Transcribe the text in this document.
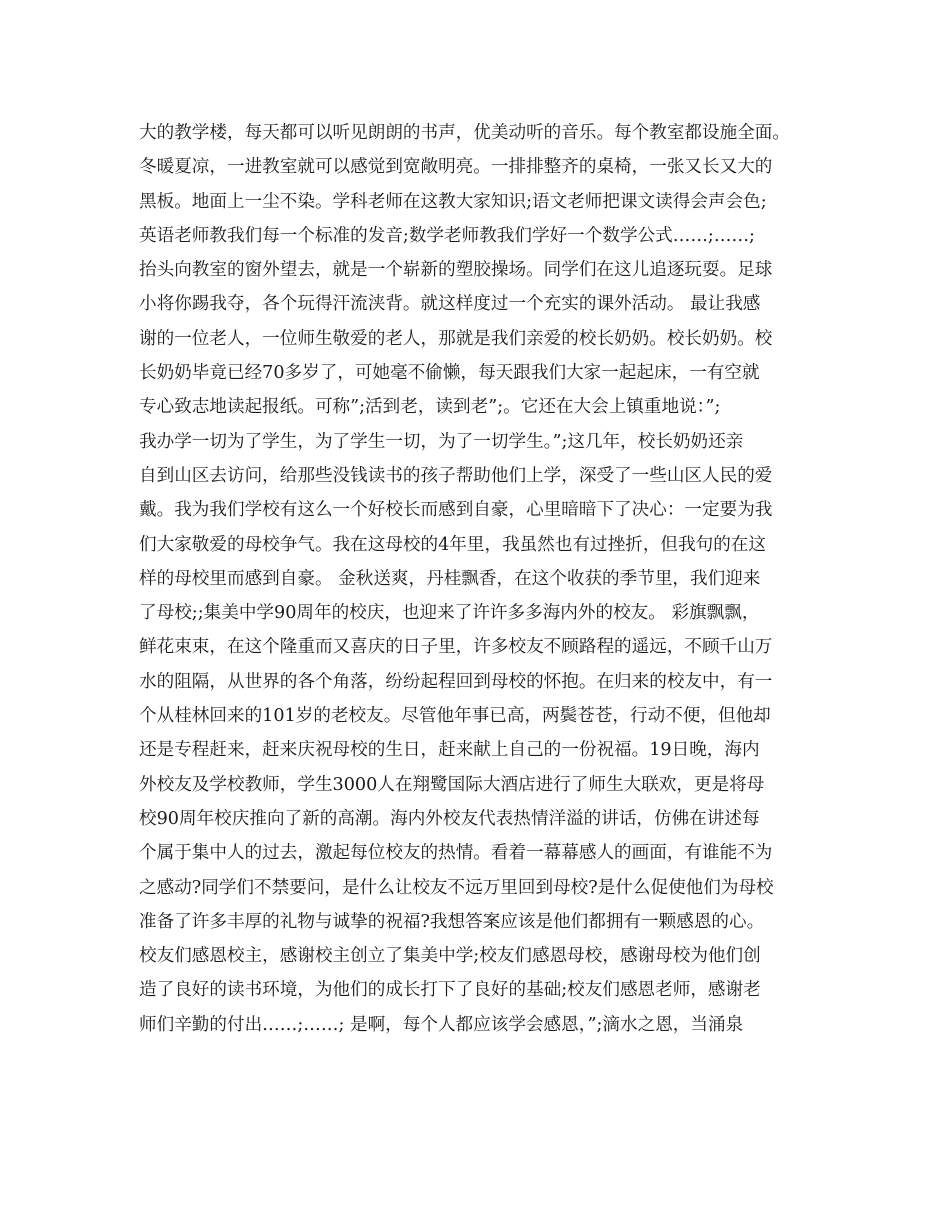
大的教学楼，每天都可以听见朗朗的书声，优美动听的音乐。每个教室都设施全面。
冬暖夏凉，一进教室就可以感觉到宽敞明亮。一排排整齐的桌椅，一张又长又大的
黑板。地面上一尘不染。学科老师在这教大家知识;语文老师把课文读得会声会色;
英语老师教我们每一个标准的发音;数学老师教我们学好一个数学公式……;……;
抬头向教室的窗外望去，就是一个崭新的塑胶操场。同学们在这儿追逐玩耍。足球
小将你踢我夺，各个玩得汗流浃背。就这样度过一个充实的课外活动。 最让我感
谢的一位老人，一位师生敬爱的老人，那就是我们亲爱的校长奶奶。校长奶奶。校
长奶奶毕竟已经70多岁了，可她毫不偷懒，每天跟我们大家一起起床，一有空就
专心致志地读起报纸。可称”;活到老，读到老”;。它还在大会上镇重地说：”;
我办学一切为了学生，为了学生一切，为了一切学生。”;这几年，校长奶奶还亲
自到山区去访问，给那些没钱读书的孩子帮助他们上学，深受了一些山区人民的爱
戴。我为我们学校有这么一个好校长而感到自豪，心里暗暗下了决心：一定要为我
们大家敬爱的母校争气。我在这母校的4年里，我虽然也有过挫折，但我句的在这
样的母校里而感到自豪。 金秋送爽，丹桂飘香，在这个收获的季节里，我们迎来
了母校;;集美中学90周年的校庆，也迎来了许许多多海内外的校友。 彩旗飘飘，
鲜花束束，在这个隆重而又喜庆的日子里，许多校友不顾路程的遥远，不顾千山万
水的阻隔，从世界的各个角落，纷纷起程回到母校的怀抱。在归来的校友中，有一
个从桂林回来的101岁的老校友。尽管他年事已高，两鬓苍苍，行动不便，但他却
还是专程赶来，赶来庆祝母校的生日，赶来献上自己的一份祝福。19日晚，海内
外校友及学校教师，学生3000人在翔鹭国际大酒店进行了师生大联欢，更是将母
校90周年校庆推向了新的高潮。海内外校友代表热情洋溢的讲话，仿佛在讲述每
个属于集中人的过去，激起每位校友的热情。看着一幕幕感人的画面，有谁能不为
之感动?同学们不禁要问，是什么让校友不远万里回到母校?是什么促使他们为母校
准备了许多丰厚的礼物与诚挚的祝福?我想答案应该是他们都拥有一颗感恩的心。
校友们感恩校主，感谢校主创立了集美中学;校友们感恩母校，感谢母校为他们创
造了良好的读书环境，为他们的成长打下了良好的基础;校友们感恩老师，感谢老
师们辛勤的付出……;……; 是啊，每个人都应该学会感恩，”;滴水之恩，当涌泉
